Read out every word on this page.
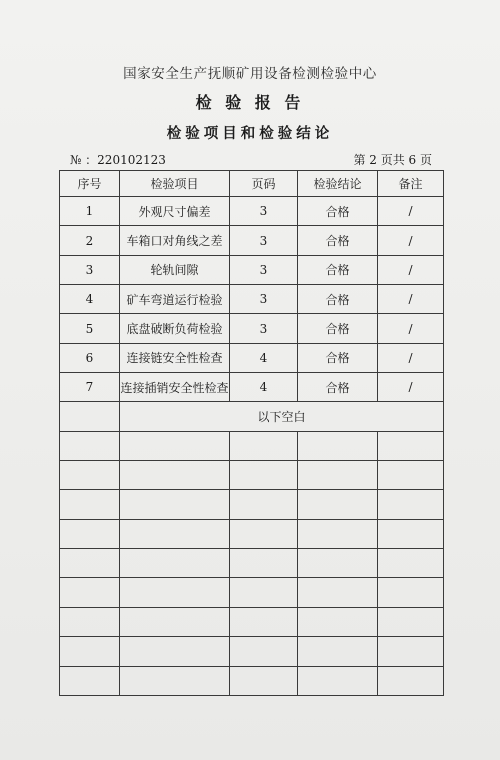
国家安全生产抚顺矿用设备检测检验中心
检 验 报 告
检验项目和检验结论
№ ：220102123	第 2 页共 6 页
序号	检验项目	页码	检验结论	备注
1	外观尺寸偏差	3	合格	/
2	车箱口对角线之差	3	合格	/
3	轮轨间隙	3	合格	/
4	矿车弯道运行检验	3	合格	/
5	底盘破断负荷检验	3	合格	/
6	连接链安全性检查	4	合格	/
7	连接插销安全性检查	4	合格	/
	以下空白			
